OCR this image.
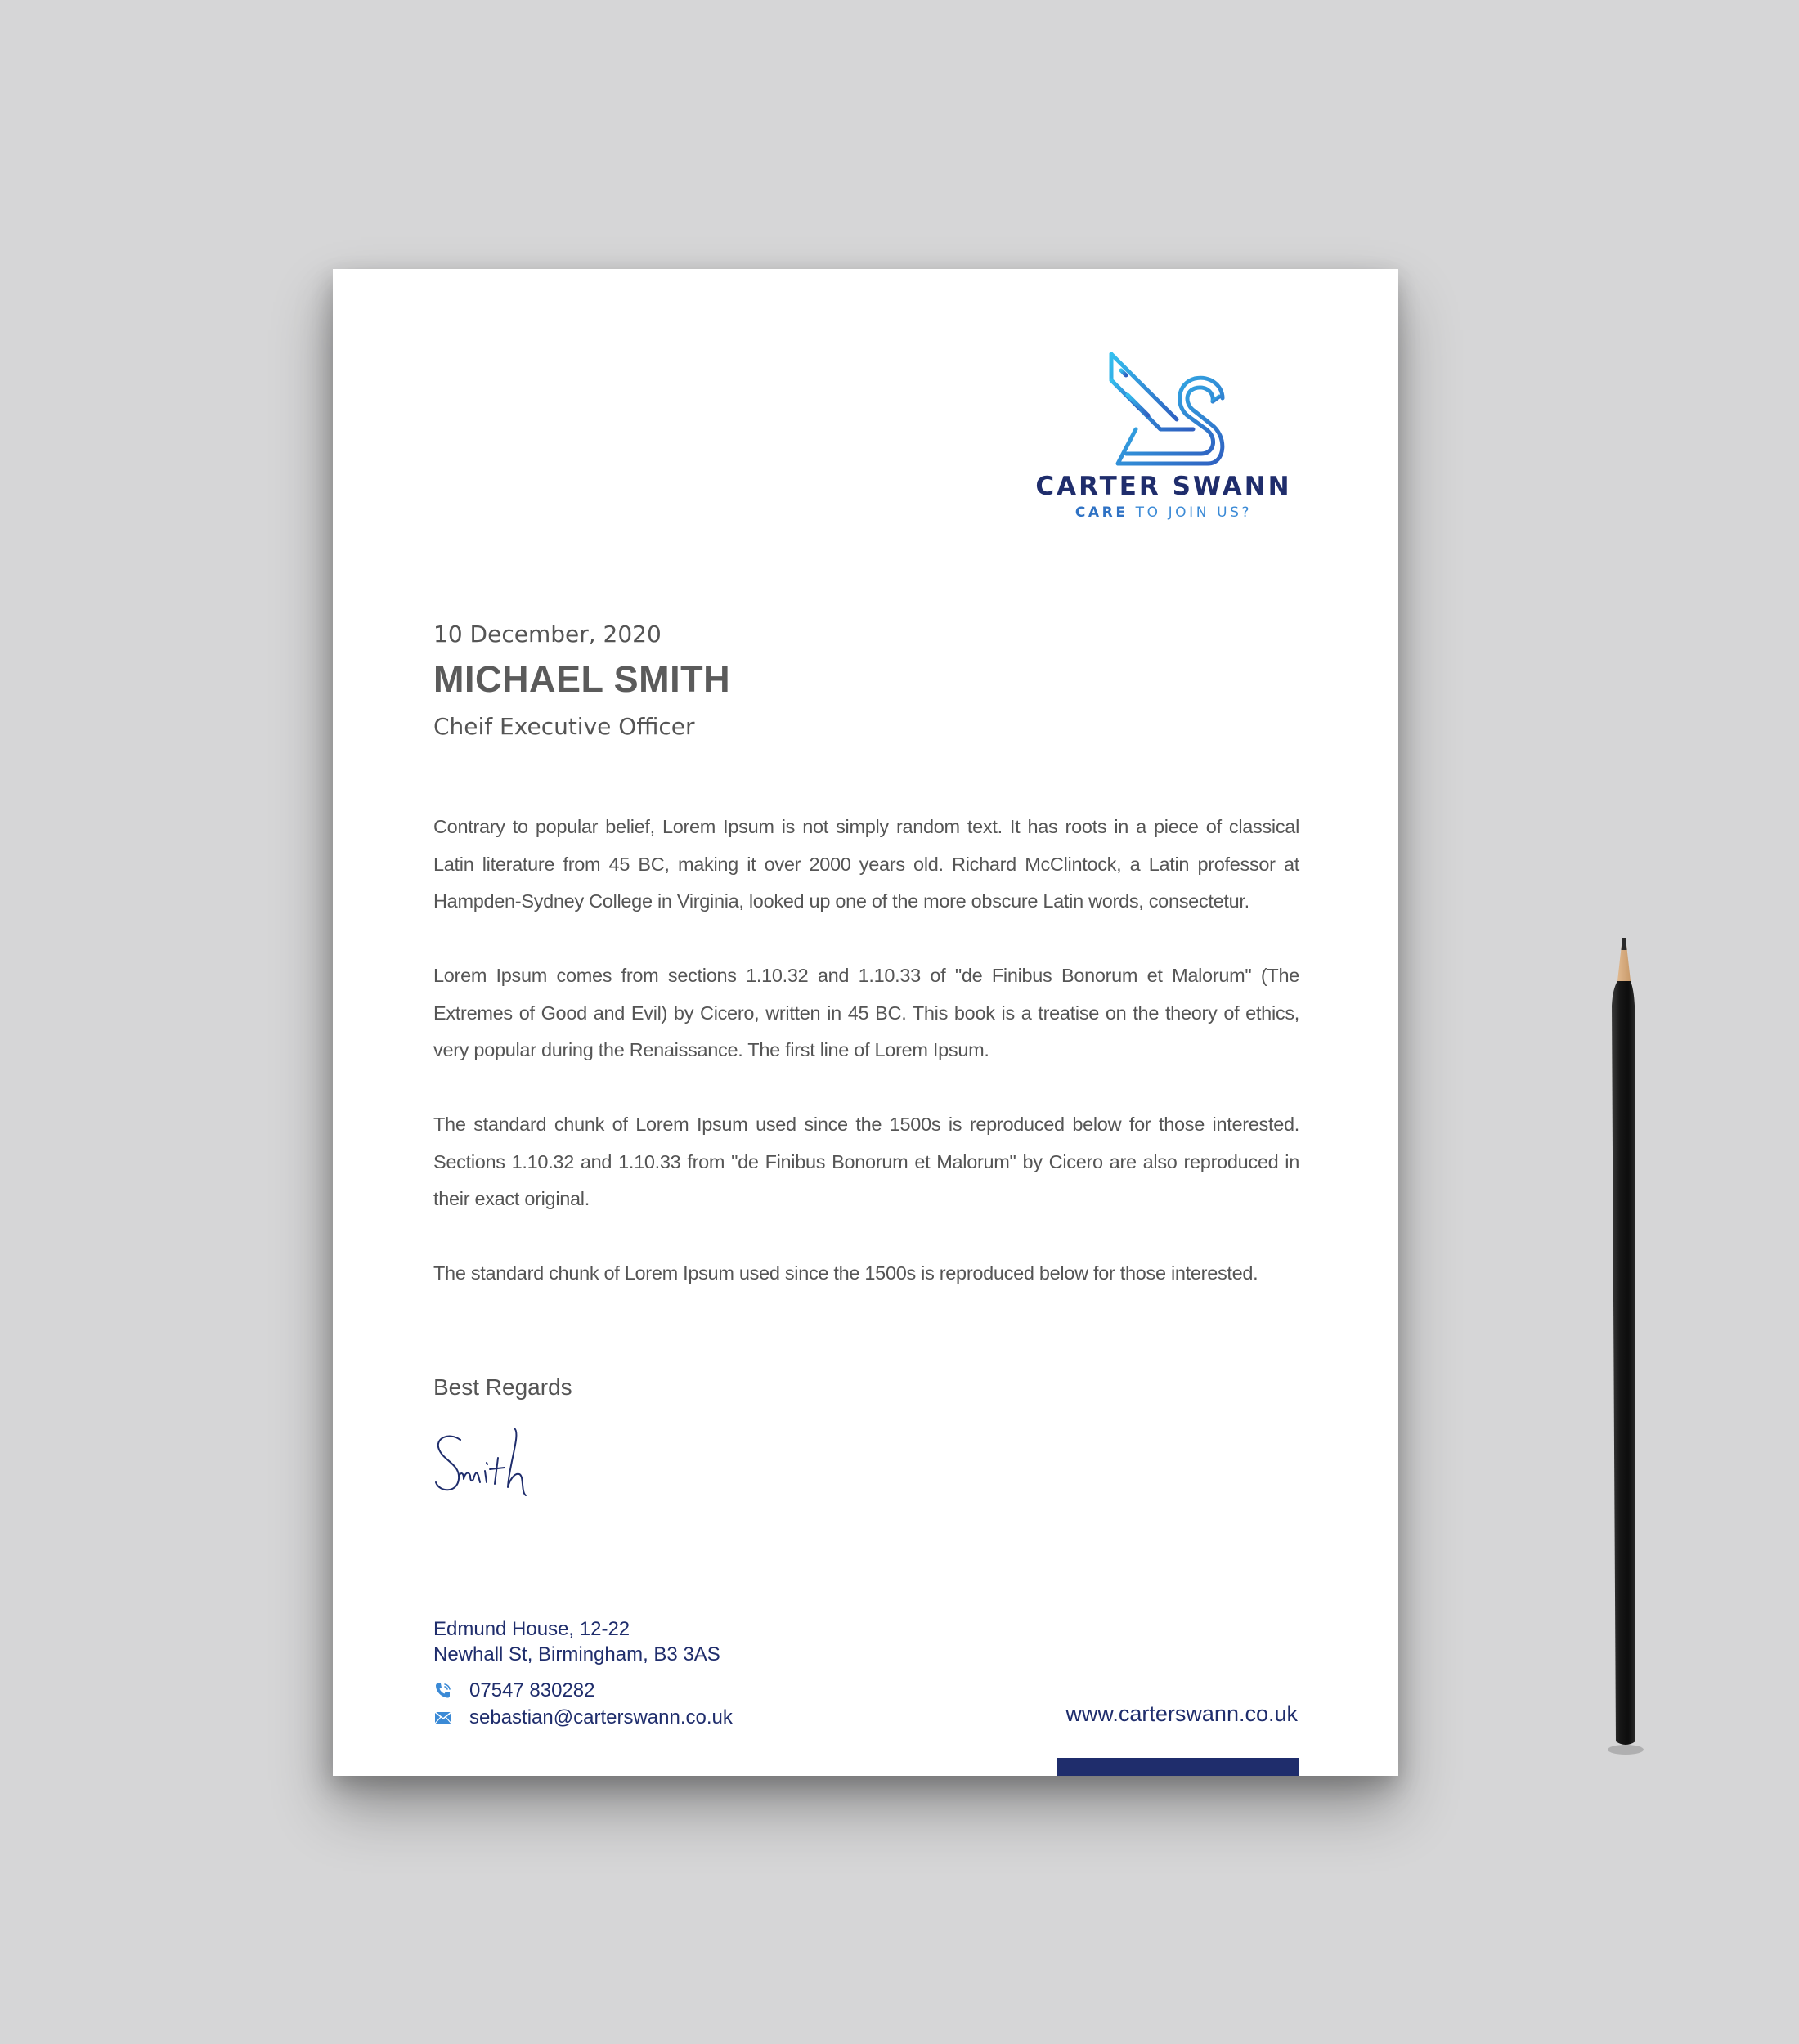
CARTER SWANN
CARE TO JOIN US?
10 December, 2020
MICHAEL SMITH
Cheif Executive Officer

Contrary to popular belief, Lorem Ipsum is not simply random text. It has roots in a piece of classical Latin literature from 45 BC, making it over 2000 years old. Richard McClintock, a Latin professor at Hampden-Sydney College in Virginia, looked up one of the more obscure Latin words, consectetur.

Lorem Ipsum comes from sections 1.10.32 and 1.10.33 of "de Finibus Bonorum et Malorum" (The Extremes of Good and Evil) by Cicero, written in 45 BC. This book is a treatise on the theory of ethics, very popular during the Renaissance. The first line of Lorem Ipsum.

The standard chunk of Lorem Ipsum used since the 1500s is reproduced below for those interested. Sections 1.10.32 and 1.10.33 from "de Finibus Bonorum et Malorum" by Cicero are also reproduced in their exact original.

The standard chunk of Lorem Ipsum used since the 1500s is reproduced below for those interested.

Best Regards
Edmund House, 12-22
Newhall St, Birmingham, B3 3AS
07547 830282
sebastian@carterswann.co.uk	www.carterswann.co.uk
